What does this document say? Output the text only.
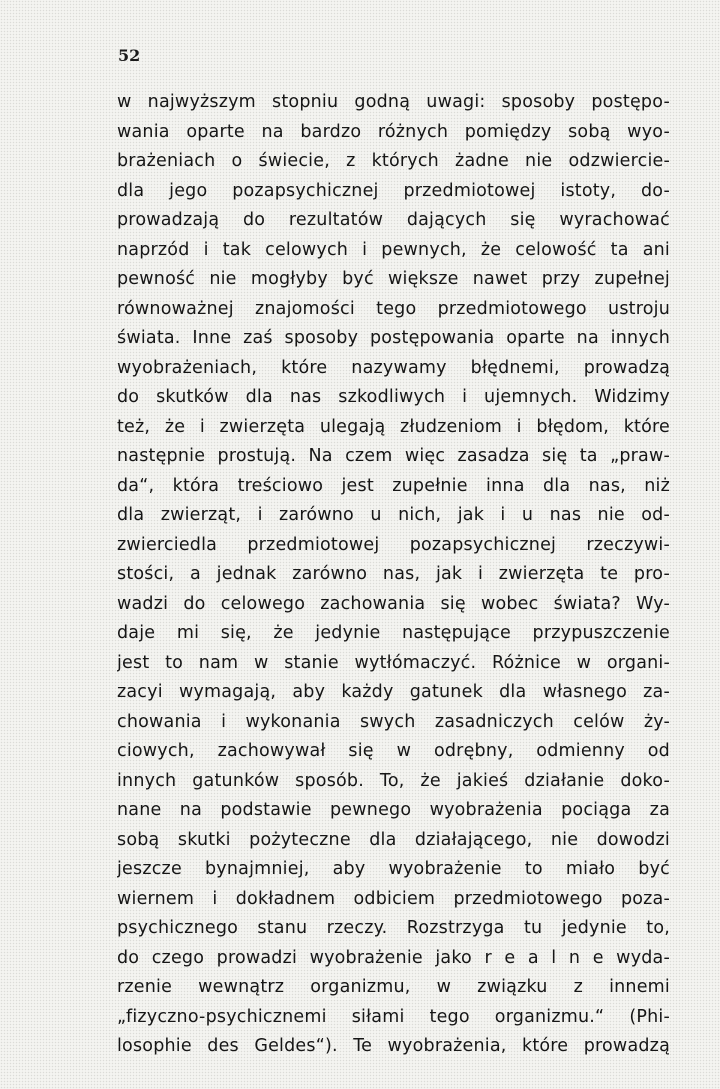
52
w najwyższym stopniu godną uwagi: sposoby postępo-
wania oparte na bardzo różnych pomiędzy sobą wyo-
brażeniach o świecie, z których żadne nie odzwiercie-
dla jego pozapsychicznej przedmiotowej istoty, do-
prowadzają do rezultatów dających się wyrachować
naprzód i tak celowych i pewnych, że celowość ta ani
pewność nie mogłyby być większe nawet przy zupełnej
równoważnej znajomości tego przedmiotowego ustroju
świata. Inne zaś sposoby postępowania oparte na innych
wyobrażeniach, które nazywamy błędnemi, prowadzą
do skutków dla nas szkodliwych i ujemnych. Widzimy
też, że i zwierzęta ulegają złudzeniom i błędom, które
następnie prostują. Na czem więc zasadza się ta „praw-
da“, która treściowo jest zupełnie inna dla nas, niż
dla zwierząt, i zarówno u nich, jak i u nas nie od-
zwierciedla przedmiotowej pozapsychicznej rzeczywi-
stości, a jednak zarówno nas, jak i zwierzęta te pro-
wadzi do celowego zachowania się wobec świata? Wy-
daje mi się, że jedynie następujące przypuszczenie
jest to nam w stanie wytłómaczyć. Różnice w organi-
zacyi wymagają, aby każdy gatunek dla własnego za-
chowania i wykonania swych zasadniczych celów ży-
ciowych, zachowywał się w odrębny, odmienny od
innych gatunków sposób. To, że jakieś działanie doko-
nane na podstawie pewnego wyobrażenia pociąga za
sobą skutki pożyteczne dla działającego, nie dowodzi
jeszcze bynajmniej, aby wyobrażenie to miało być
wiernem i dokładnem odbiciem przedmiotowego poza-
psychicznego stanu rzeczy. Rozstrzyga tu jedynie to,
do czego prowadzi wyobrażenie jako r e a l n e wyda-
rzenie wewnątrz organizmu, w związku z innemi
„fizyczno-psychicznemi siłami tego organizmu.“ (Phi-
losophie des Geldes“). Te wyobrażenia, które prowadzą
